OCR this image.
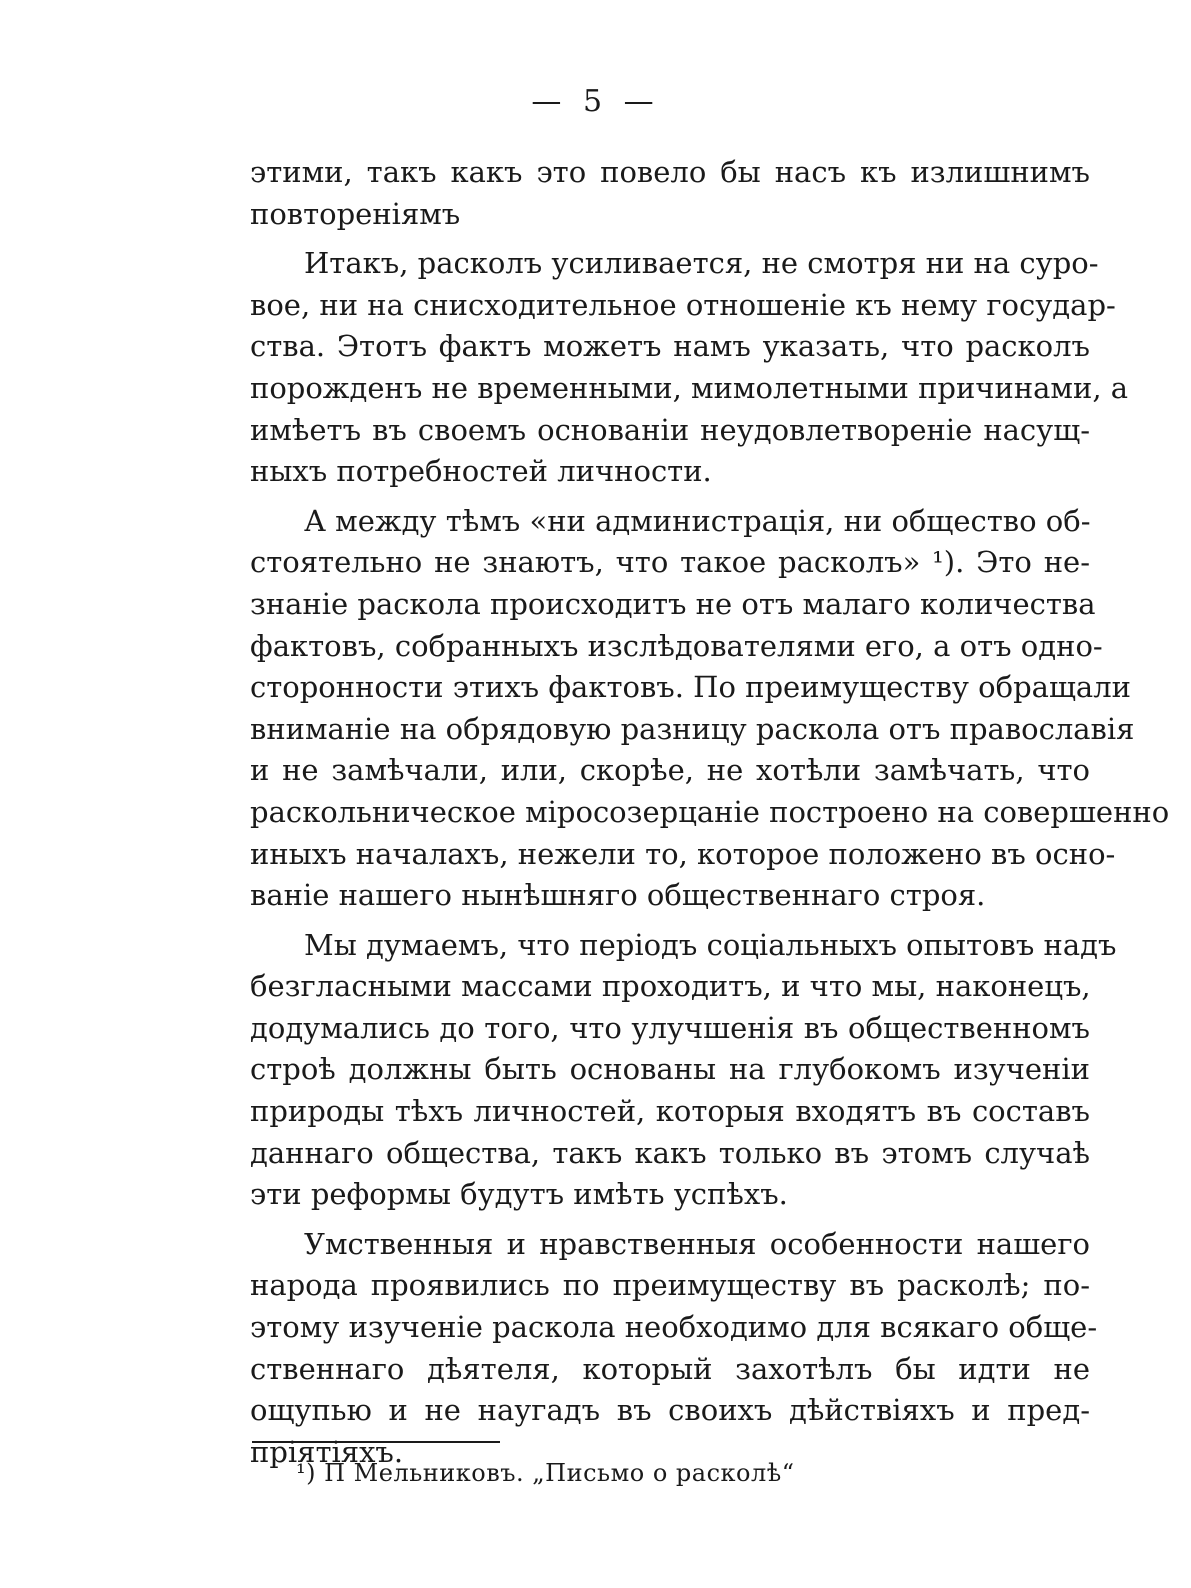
— 5 —
этими, такъ какъ это повело бы насъ къ излишнимъ
повтореніямъ
Итакъ, расколъ усиливается, не смотря ни на суро-
вое, ни на снисходительное отношеніе къ нему государ-
ства. Этотъ фактъ можетъ намъ указать, что расколъ
порожденъ не временными, мимолетными причинами, а
имѣетъ въ своемъ основаніи неудовлетвореніе насущ-
ныхъ потребностей личности.
А между тѣмъ «ни администрація, ни общество об-
стоятельно не знаютъ, что такое расколъ» ¹). Это не-
знаніе раскола происходитъ не отъ малаго количества
фактовъ, собранныхъ изслѣдователями его, а отъ одно-
сторонности этихъ фактовъ. По преимуществу обращали
вниманіе на обрядовую разницу раскола отъ православія
и не замѣчали, или, скорѣе, не хотѣли замѣчать, что
раскольническое міросозерцаніе построено на совершенно
иныхъ началахъ, нежели то, которое положено въ осно-
ваніе нашего нынѣшняго общественнаго строя.
Мы думаемъ, что періодъ соціальныхъ опытовъ надъ
безгласными массами проходитъ, и что мы, наконецъ,
додумались до того, что улучшенія въ общественномъ
строѣ должны быть основаны на глубокомъ изученіи
природы тѣхъ личностей, которыя входятъ въ составъ
даннаго общества, такъ какъ только въ этомъ случаѣ
эти реформы будутъ имѣть успѣхъ.
Умственныя и нравственныя особенности нашего
народа проявились по преимуществу въ расколѣ; по-
этому изученіе раскола необходимо для всякаго обще-
ственнаго дѣятеля, который захотѣлъ бы идти не
ощупью и не наугадъ въ своихъ дѣйствіяхъ и пред-
пріятіяхъ.
¹) П Мельниковъ. „Письмо о расколѣ“
